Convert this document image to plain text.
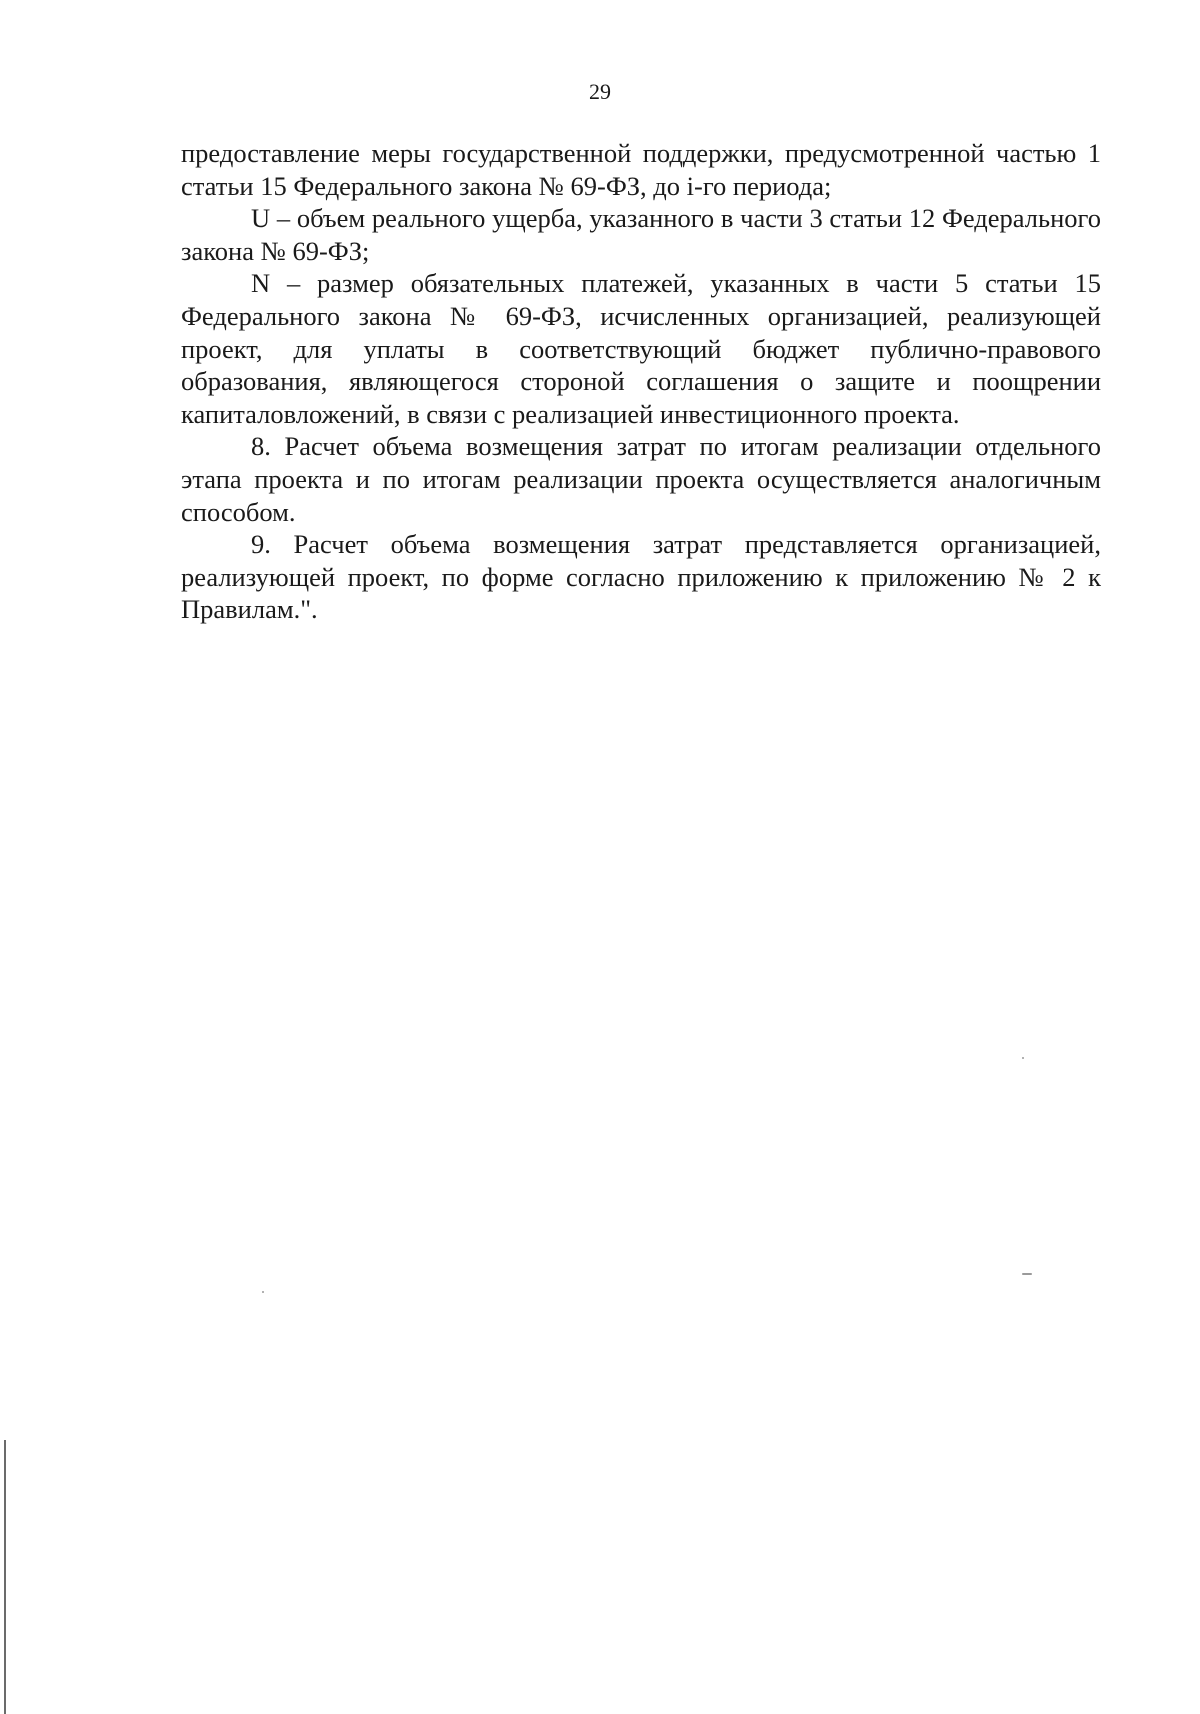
29

предоставление меры государственной поддержки, предусмотренной частью 1 статьи 15 Федерального закона № 69-ФЗ, до i-го периода;

U – объем реального ущерба, указанного в части 3 статьи 12 Федерального закона № 69-ФЗ;

N – размер обязательных платежей, указанных в части 5 статьи 15 Федерального закона № 69-ФЗ, исчисленных организацией, реализующей проект, для уплаты в соответствующий бюджет публично-правового образования, являющегося стороной соглашения о защите и поощрении капиталовложений, в связи с реализацией инвестиционного проекта.

8. Расчет объема возмещения затрат по итогам реализации отдельного этапа проекта и по итогам реализации проекта осуществляется аналогичным способом.

9. Расчет объема возмещения затрат представляется организацией, реализующей проект, по форме согласно приложению к приложению № 2 к Правилам.".
